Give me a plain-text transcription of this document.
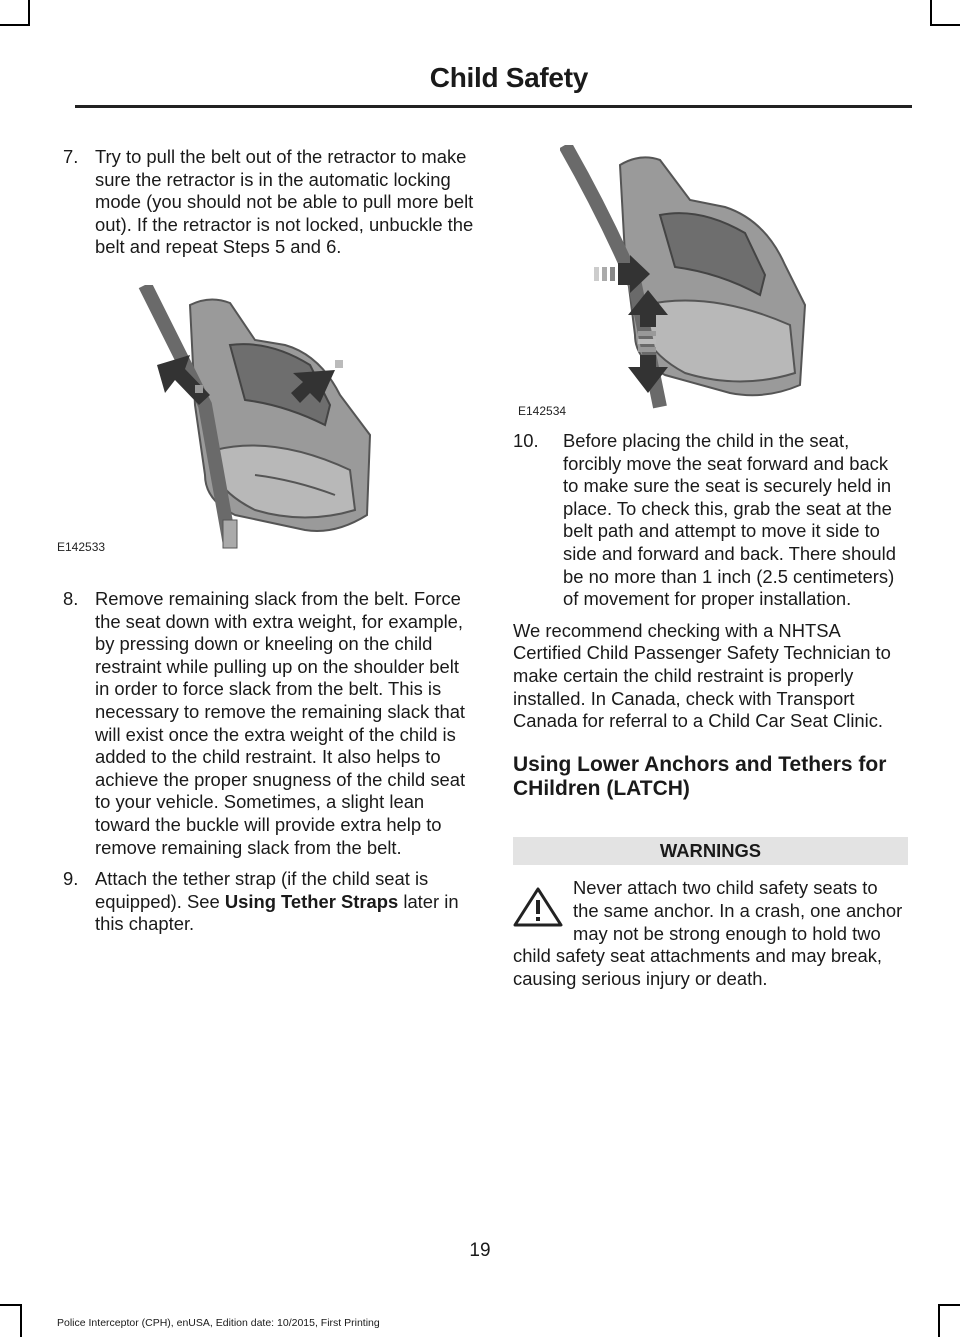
Child Safety
7. Try to pull the belt out of the retractor to make sure the retractor is in the automatic locking mode (you should not be able to pull more belt out). If the retractor is not locked, unbuckle the belt and repeat Steps 5 and 6.
E142533
8. Remove remaining slack from the belt. Force the seat down with extra weight, for example, by pressing down or kneeling on the child restraint while pulling up on the shoulder belt in order to force slack from the belt. This is necessary to remove the remaining slack that will exist once the extra weight of the child is added to the child restraint. It also helps to achieve the proper snugness of the child seat to your vehicle. Sometimes, a slight lean toward the buckle will provide extra help to remove remaining slack from the belt.
9. Attach the tether strap (if the child seat is equipped). See Using Tether Straps later in this chapter.
E142534
10.	Before placing the child in the seat, forcibly move the seat forward and back to make sure the seat is securely held in place. To check this, grab the seat at the belt path and attempt to move it side to side and forward and back. There should be no more than 1 inch (2.5 centimeters) of movement for proper installation.

We recommend checking with a NHTSA Certified Child Passenger Safety Technician to make certain the child restraint is properly installed. In Canada, check with Transport Canada for referral to a Child Car Seat Clinic.

Using Lower Anchors and Tethers for CHildren (LATCH)
WARNINGS
Never attach two child safety seats to the same anchor. In a crash, one anchor may not be strong enough to hold two child safety seat attachments and may break, causing serious injury or death.
19
Police Interceptor (CPH), enUSA, Edition date: 10/2015, First Printing
